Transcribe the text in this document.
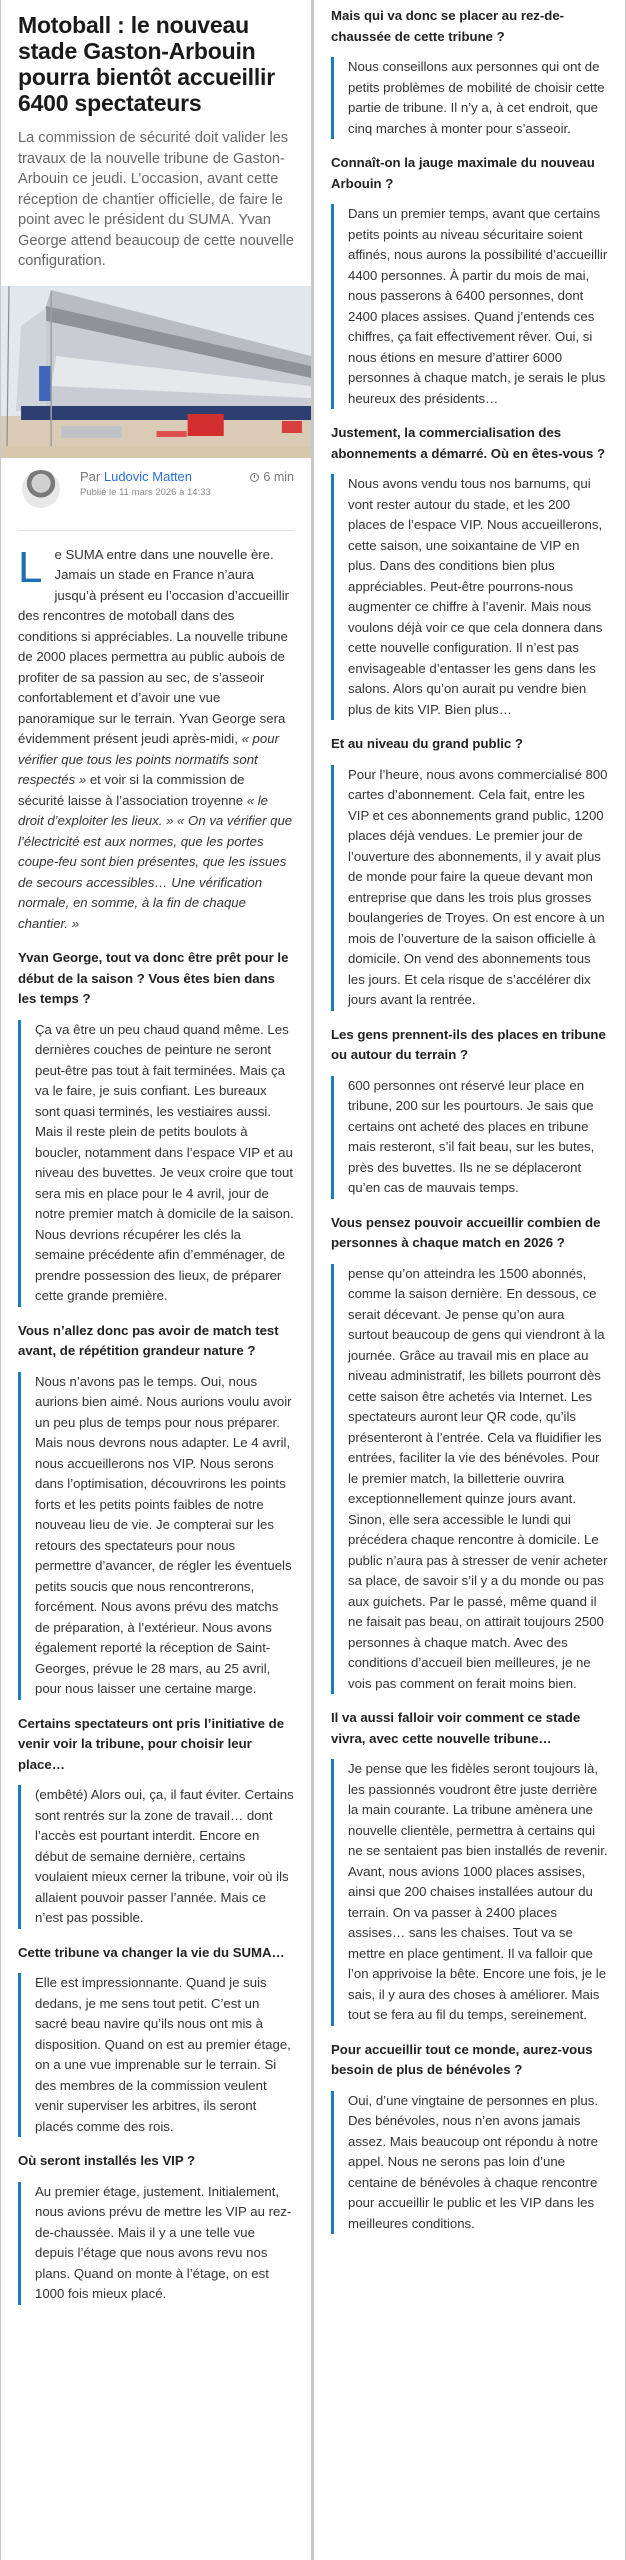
Motoball : le nouveau stade Gaston-Arbouin pourra bientôt accueillir 6400 spectateurs

La commission de sécurité doit valider les travaux de la nouvelle tribune de Gaston-Arbouin ce jeudi. L’occasion, avant cette réception de chantier officielle, de faire le point avec le président du SUMA. Yvan George attend beaucoup de cette nouvelle configuration.

Par Ludovic Matten
Publié le 11 mars 2026 à 14:33
6 min

Le SUMA entre dans une nouvelle ère. Jamais un stade en France n’aura jusqu’à présent eu l’occasion d’accueillir des rencontres de motoball dans des conditions si appréciables. La nouvelle tribune de 2000 places permettra au public aubois de profiter de sa passion au sec, de s’asseoir confortablement et d’avoir une vue panoramique sur le terrain. Yvan George sera évidemment présent jeudi après-midi, « pour vérifier que tous les points normatifs sont respectés » et voir si la commission de sécurité laisse à l’association troyenne « le droit d’exploiter les lieux. » « On va vérifier que l’électricité est aux normes, que les portes coupe-feu sont bien présentes, que les issues de secours accessibles… Une vérification normale, en somme, à la fin de chaque chantier. »

Yvan George, tout va donc être prêt pour le début de la saison ? Vous êtes bien dans les temps ?
Ça va être un peu chaud quand même. Les dernières couches de peinture ne seront peut-être pas tout à fait terminées. Mais ça va le faire, je suis confiant. Les bureaux sont quasi terminés, les vestiaires aussi. Mais il reste plein de petits boulots à boucler, notamment dans l’espace VIP et au niveau des buvettes. Je veux croire que tout sera mis en place pour le 4 avril, jour de notre premier match à domicile de la saison. Nous devrions récupérer les clés la semaine précédente afin d’emménager, de prendre possession des lieux, de préparer cette grande première.
Vous n’allez donc pas avoir de match test avant, de répétition grandeur nature ?
Nous n’avons pas le temps. Oui, nous aurions bien aimé. Nous aurions voulu avoir un peu plus de temps pour nous préparer. Mais nous devrons nous adapter. Le 4 avril, nous accueillerons nos VIP. Nous serons dans l’optimisation, découvrirons les points forts et les petits points faibles de notre nouveau lieu de vie. Je compterai sur les retours des spectateurs pour nous permettre d’avancer, de régler les éventuels petits soucis que nous rencontrerons, forcément. Nous avons prévu des matchs de préparation, à l’extérieur. Nous avons également reporté la réception de Saint-Georges, prévue le 28 mars, au 25 avril, pour nous laisser une certaine marge.
Certains spectateurs ont pris l’initiative de venir voir la tribune, pour choisir leur place…
(embêté) Alors oui, ça, il faut éviter. Certains sont rentrés sur la zone de travail… dont l’accès est pourtant interdit. Encore en début de semaine dernière, certains voulaient mieux cerner la tribune, voir où ils allaient pouvoir passer l’année. Mais ce n’est pas possible.
Cette tribune va changer la vie du SUMA…
Elle est impressionnante. Quand je suis dedans, je me sens tout petit. C’est un sacré beau navire qu’ils nous ont mis à disposition. Quand on est au premier étage, on a une vue imprenable sur le terrain. Si des membres de la commission veulent venir superviser les arbitres, ils seront placés comme des rois.
Où seront installés les VIP ?
Au premier étage, justement. Initialement, nous avions prévu de mettre les VIP au rez-de-chaussée. Mais il y a une telle vue depuis l’étage que nous avons revu nos plans. Quand on monte à l’étage, on est 1000 fois mieux placé.
Mais qui va donc se placer au rez-de-chaussée de cette tribune ?
Nous conseillons aux personnes qui ont de petits problèmes de mobilité de choisir cette partie de tribune. Il n’y a, à cet endroit, que cinq marches à monter pour s’asseoir.
Connaît-on la jauge maximale du nouveau Arbouin ?
Dans un premier temps, avant que certains petits points au niveau sécuritaire soient affinés, nous aurons la possibilité d’accueillir 4400 personnes. À partir du mois de mai, nous passerons à 6400 personnes, dont 2400 places assises. Quand j’entends ces chiffres, ça fait effectivement rêver. Oui, si nous étions en mesure d’attirer 6000 personnes à chaque match, je serais le plus heureux des présidents…
Justement, la commercialisation des abonnements a démarré. Où en êtes-vous ?
Nous avons vendu tous nos barnums, qui vont rester autour du stade, et les 200 places de l’espace VIP. Nous accueillerons, cette saison, une soixantaine de VIP en plus. Dans des conditions bien plus appréciables. Peut-être pourrons-nous augmenter ce chiffre à l’avenir. Mais nous voulons déjà voir ce que cela donnera dans cette nouvelle configuration. Il n’est pas envisageable d’entasser les gens dans les salons. Alors qu’on aurait pu vendre bien plus de kits VIP. Bien plus…
Et au niveau du grand public ?
Pour l’heure, nous avons commercialisé 800 cartes d’abonnement. Cela fait, entre les VIP et ces abonnements grand public, 1200 places déjà vendues. Le premier jour de l’ouverture des abonnements, il y avait plus de monde pour faire la queue devant mon entreprise que dans les trois plus grosses boulangeries de Troyes. On est encore à un mois de l’ouverture de la saison officielle à domicile. On vend des abonnements tous les jours. Et cela risque de s’accélérer dix jours avant la rentrée.
Les gens prennent-ils des places en tribune ou autour du terrain ?
600 personnes ont réservé leur place en tribune, 200 sur les pourtours. Je sais que certains ont acheté des places en tribune mais resteront, s’il fait beau, sur les butes, près des buvettes. Ils ne se déplaceront qu’en cas de mauvais temps.
Vous pensez pouvoir accueillir combien de personnes à chaque match en 2026 ?
pense qu’on atteindra les 1500 abonnés, comme la saison dernière. En dessous, ce serait décevant. Je pense qu’on aura surtout beaucoup de gens qui viendront à la journée. Grâce au travail mis en place au niveau administratif, les billets pourront dès cette saison être achetés via Internet. Les spectateurs auront leur QR code, qu’ils présenteront à l’entrée. Cela va fluidifier les entrées, faciliter la vie des bénévoles. Pour le premier match, la billetterie ouvrira exceptionnellement quinze jours avant. Sinon, elle sera accessible le lundi qui précédera chaque rencontre à domicile. Le public n’aura pas à stresser de venir acheter sa place, de savoir s’il y a du monde ou pas aux guichets. Par le passé, même quand il ne faisait pas beau, on attirait toujours 2500 personnes à chaque match. Avec des conditions d’accueil bien meilleures, je ne vois pas comment on ferait moins bien.
Il va aussi falloir voir comment ce stade vivra, avec cette nouvelle tribune…
Je pense que les fidèles seront toujours là, les passionnés voudront être juste derrière la main courante. La tribune amènera une nouvelle clientèle, permettra à certains qui ne se sentaient pas bien installés de revenir. Avant, nous avions 1000 places assises, ainsi que 200 chaises installées autour du terrain. On va passer à 2400 places assises… sans les chaises. Tout va se mettre en place gentiment. Il va falloir que l’on apprivoise la bête. Encore une fois, je le sais, il y aura des choses à améliorer. Mais tout se fera au fil du temps, sereinement.
Pour accueillir tout ce monde, aurez-vous besoin de plus de bénévoles ?
Oui, d’une vingtaine de personnes en plus. Des bénévoles, nous n’en avons jamais assez. Mais beaucoup ont répondu à notre appel. Nous ne serons pas loin d’une centaine de bénévoles à chaque rencontre pour accueillir le public et les VIP dans les meilleures conditions.
